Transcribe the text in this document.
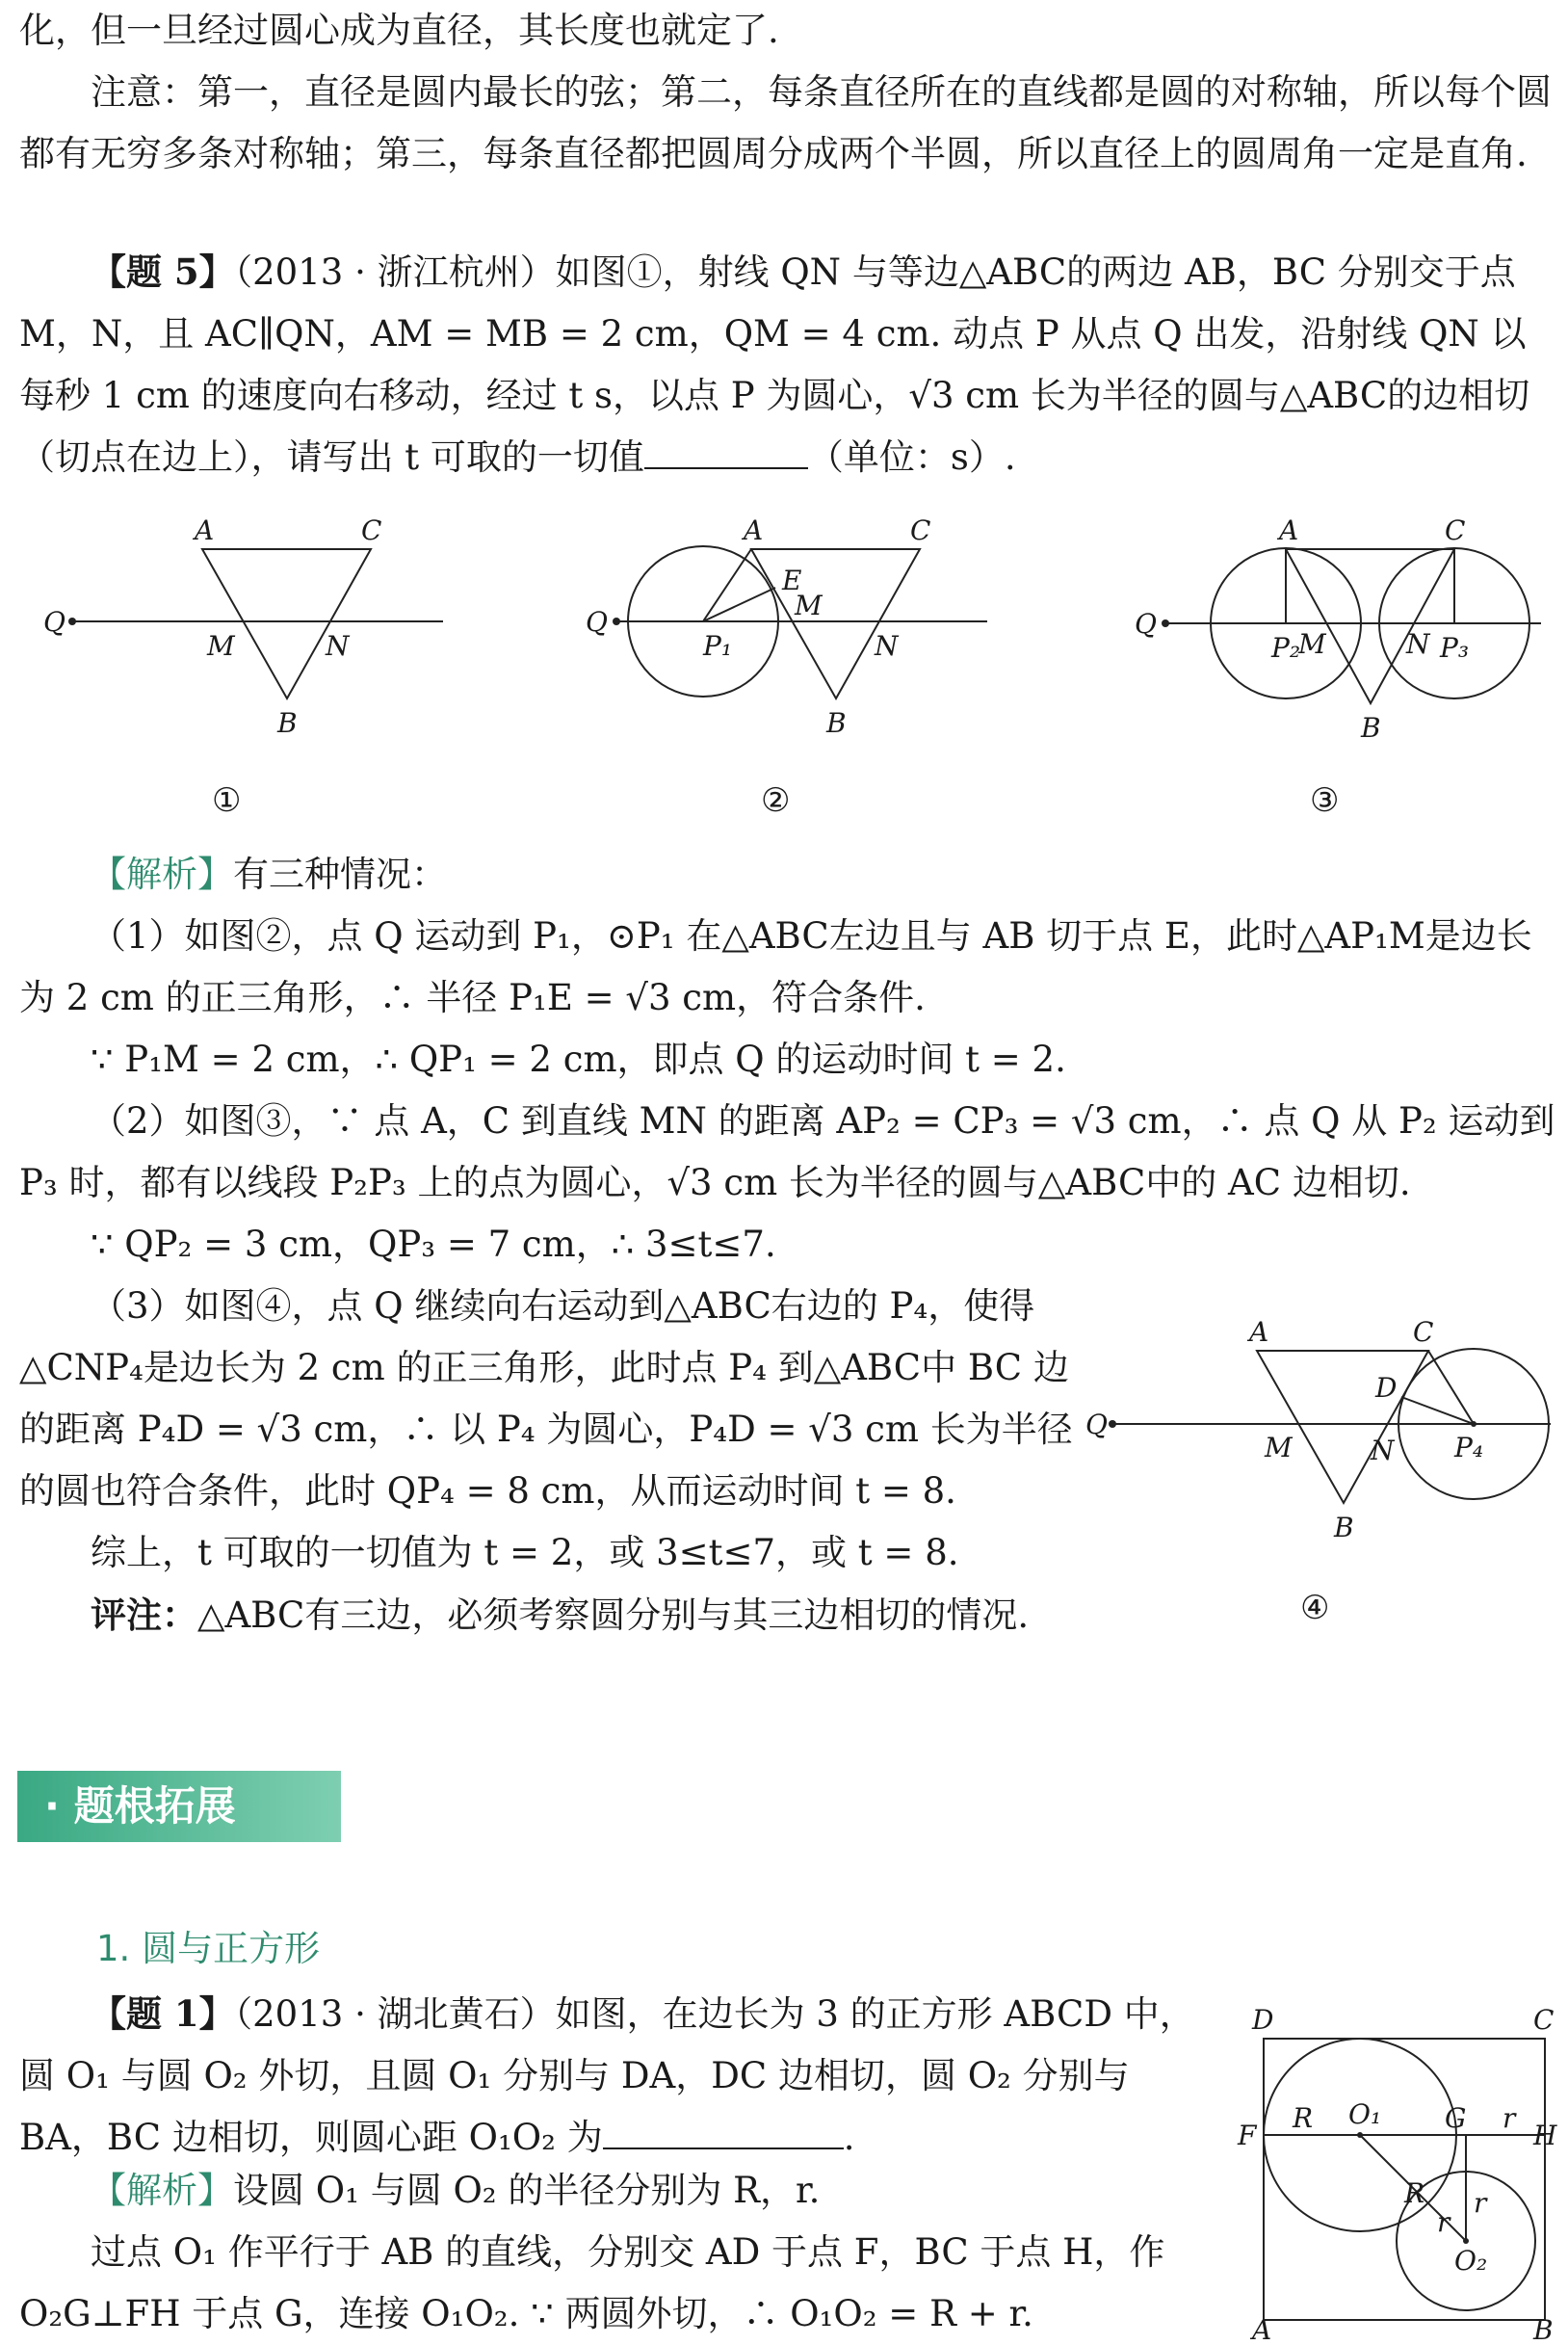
化，但一旦经过圆心成为直径，其长度也就定了.

注意：第一，直径是圆内最长的弦；第二，每条直径所在的直线都是圆的对称轴，所以每个圆都有无穷多条对称轴；第三，每条直径都把圆周分成两个半圆，所以直径上的圆周角一定是直角.

【题 5】（2013 · 浙江杭州）如图①，射线 QN 与等边△ABC的两边 AB，BC 分别交于点 M，N，且 AC∥QN，AM = MB = 2 cm，QM = 4 cm. 动点 P 从点 Q 出发，沿射线 QN 以每秒 1 cm 的速度向右移动，经过 t s，以点 P 为圆心，√3 cm 长为半径的圆与△ABC的边相切（切点在边上），请写出 t 可取的一切值	（单位：s）.

A	C
Q
M	N
B
①
A	C
Q
E
M
P₁	N
B
②
A	C
Q
P₂
M	N P₃
B
③

【解析】有三种情况：

（1）如图②，点 Q 运动到 P₁，⊙P₁ 在△ABC左边且与 AB 切于点 E，此时△AP₁M是边长为 2 cm 的正三角形，∴ 半径 P₁E = √3 cm，符合条件.

∵ P₁M = 2 cm，∴ QP₁ = 2 cm，即点 Q 的运动时间 t = 2.

（2）如图③，∵ 点 A，C 到直线 MN 的距离 AP₂ = CP₃ = √3 cm，∴ 点 Q 从 P₂ 运动到 P₃ 时，都有以线段 P₂P₃ 上的点为圆心，√3 cm 长为半径的圆与△ABC中的 AC 边相切.

∵ QP₂ = 3 cm，QP₃ = 7 cm，∴ 3≤t≤7.

（3）如图④，点 Q 继续向右运动到△ABC右边的 P₄，使得△CNP₄是边长为 2 cm 的正三角形，此时点 P₄ 到△ABC中 BC 边的距离 P₄D = √3 cm，∴ 以 P₄ 为圆心，P₄D = √3 cm 长为半径的圆也符合条件，此时 QP₄ = 8 cm，从而运动时间 t = 8.

综上，t 可取的一切值为 t = 2，或 3≤t≤7，或 t = 8.

评注：△ABC有三边，必须考察圆分别与其三边相切的情况.

A	C
Q
D
M	N P₄
B
④
· 题根拓展
1. 圆与正方形

【题 1】（2013 · 湖北黄石）如图，在边长为 3 的正方形 ABCD 中，圆 O₁ 与圆 O₂ 外切，且圆 O₁ 分别与 DA，DC 边相切，圆 O₂ 分别与 BA，BC 边相切，则圆心距 O₁O₂ 为	.

【解析】设圆 O₁ 与圆 O₂ 的半径分别为 R，r.

过点 O₁ 作平行于 AB 的直线，分别交 AD 于点 F，BC 于点 H，作 O₂G⊥FH 于点 G，连接 O₁O₂. ∵ 两圆外切，∴ O₁O₂ = R + r.

D	C
F
R O₁ G r
H
R r
r
O₂
A	B
